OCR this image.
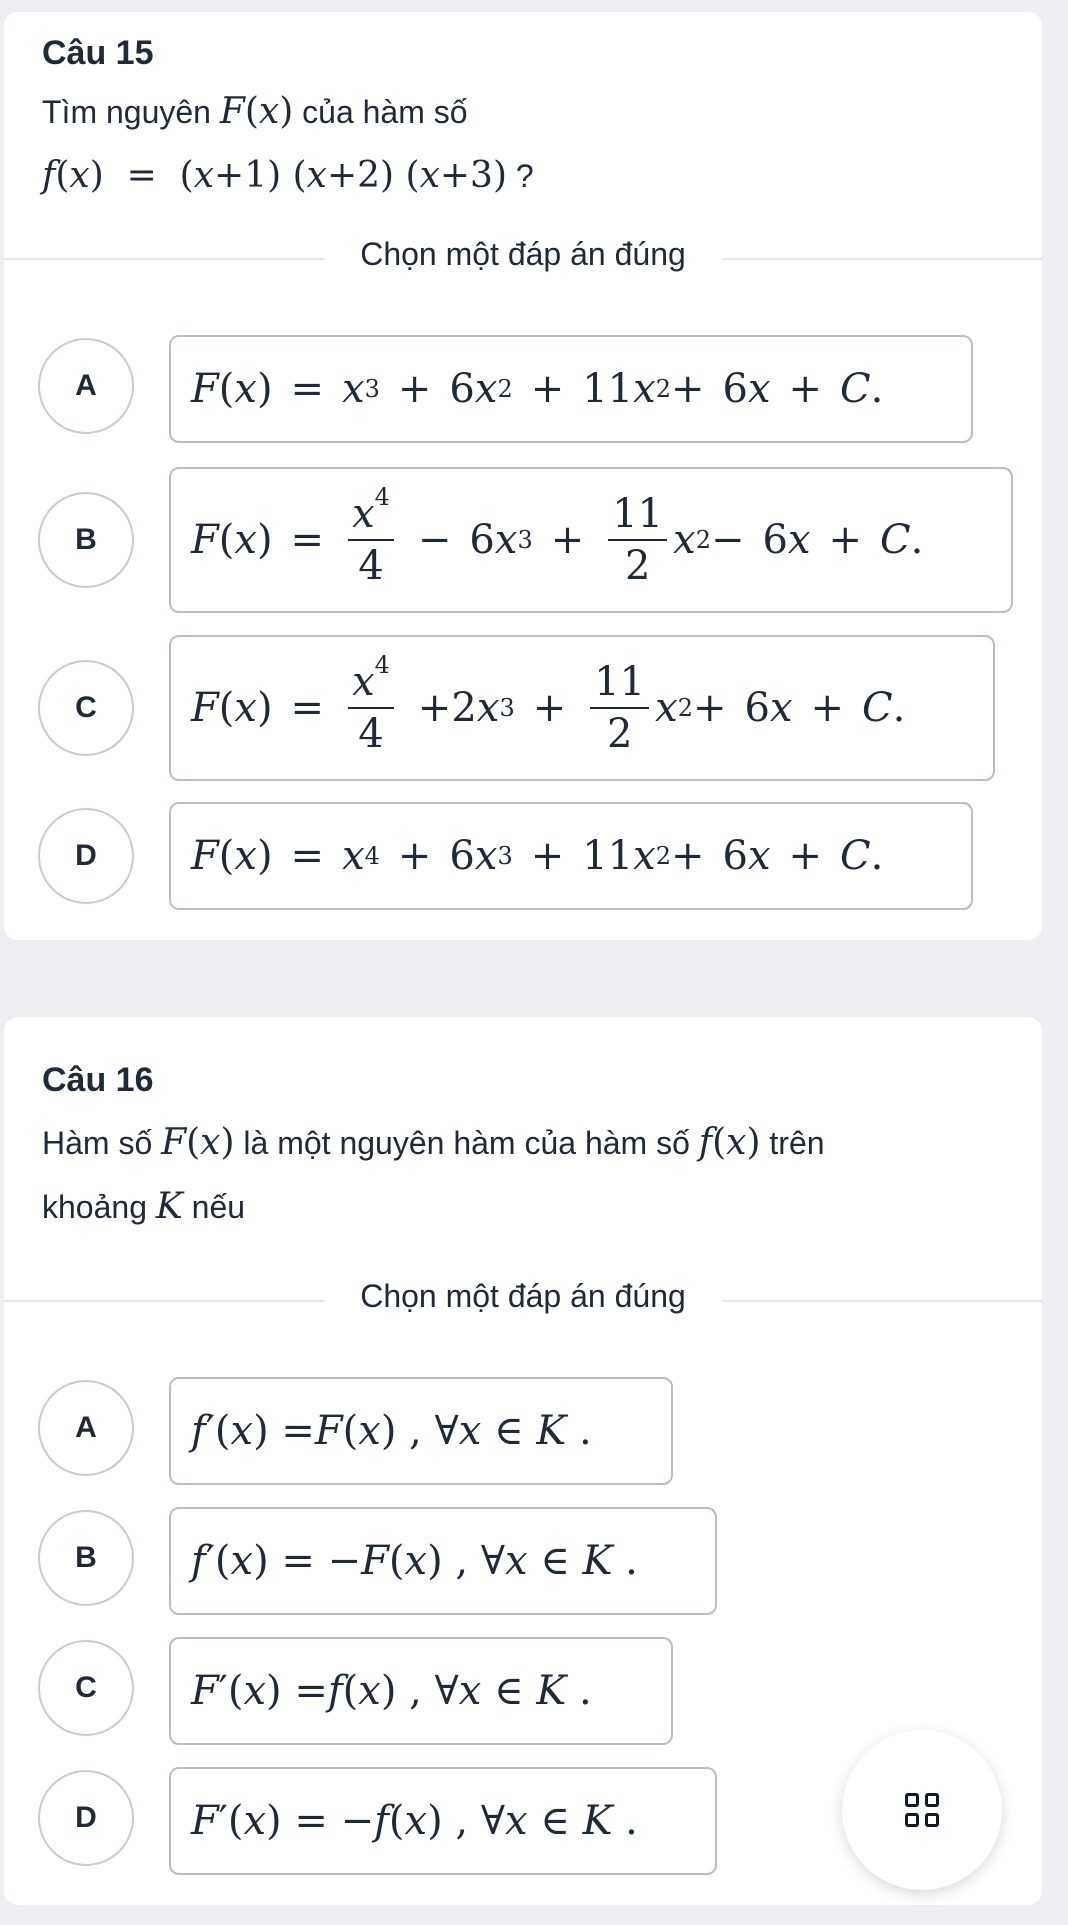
Câu 15
Tìm nguyên F(x) của hàm số
f(x)  =  (x+1) (x+2) (x+3) ?
Chọn một đáp án đúng
A	F ( x ) = x 3 + 6 x 2 + 11 x 2 + 6 x + C .
B	F ( x ) = $\frac{x^4}{4} - 6$ x $3 + \frac{11}{2}$ x 2 − 6 x + C .
C	F ( x ) = $\frac{x^4}{4} +2$ x $3 + \frac{11}{2}$ x 2 + 6 x + C .
D	F ( x ) = x 4 + 6 x 3 + 11 x 2 + 6 x + C .
Câu 16
Hàm số F(x) là một nguyên hàm của hàm số f(x) trên
khoảng K nếu
Chọn một đáp án đúng
A	f ′( x ) = F ( x ) , ∀ x ∈ K .
B	f ′( x ) = − F ( x ) , ∀ x ∈ K .
C	F ′( x ) = f ( x ) , ∀ x ∈ K .
D	F ′( x ) = − f ( x ) , ∀ x ∈ K .
